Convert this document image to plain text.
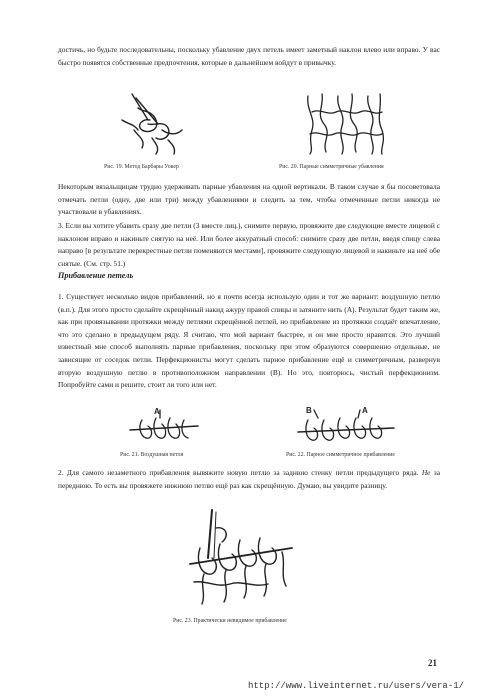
достичь, но будьте последовательны, поскольку убавление двух петель имеет заметный наклон влево или вправо. У вас быстро появятся собственные предпочтения, которые в дальнейшем войдут в привычку.

Рис. 19. Метод Барбары Уокер	Рис. 20. Парные симметричные убавления

Некоторым вязальщицам трудно удерживать парные убавления на одной вертикали. В таком случае я бы посоветовала отмечать петли (одну, две или три) между убавлениями и следить за тем, чтобы отмеченные петли никогда не участвовали в убавлениях.

3. Если вы хотите убавить сразу две петли (3 вместе лиц.), снимите первую, провяжите две следующие вместе лицевой с наклоном вправо и накиньте снятую на неё. Или более аккуратный способ: снимите сразу две петли, введя спицу слева направо [в результате перекрестные петли поменяются местами], провяжите следующую лицевой и накиньте на неё обе снятые. (См. стр. 51.)

Прибавление петель

1. Существует несколько видов прибавлений, но я почти всегда использую один и тот же вариант: воздушную петлю (в.п.). Для этого просто сделайте скрещённый накид ажуру правой спицы и затяните нить (A). Результат будет таким же, как при провязывании протяжки между петлями скрещённой петлей, но прибавление из протяжки создаёт впечатление, что это сделано в предыдущем ряду. Я считаю, что мой вариант быстрее, и он мне просто нравится. Это лучший известный мне способ выполнять парные прибавления, поскольку при этом образуются совершенно отдельные, не зависящие от соседок петли. Перфекционисты могут сделать парное прибавление ещё и симметричным, развернув вторую воздушную петлю в противоположном направлении (B). Но это, повторюсь, чистый перфекционизм. Попробуйте сами и решите, стоит ли того или нет.

A
Рис. 21. Воздушная петля
B	A
Рис. 22. Парное симметричное прибавление

2. Для самого незаметного прибавления вывяжите новую петлю за заднюю стенку петли предыдущего ряда. Не за переднюю. То есть вы провяжете нижнюю петлю ещё раз как скрещённую. Думаю, вы увидите разницу.

Рис. 23. Практически невидимое прибавление
21
http://www.liveinternet.ru/users/vera-1/
